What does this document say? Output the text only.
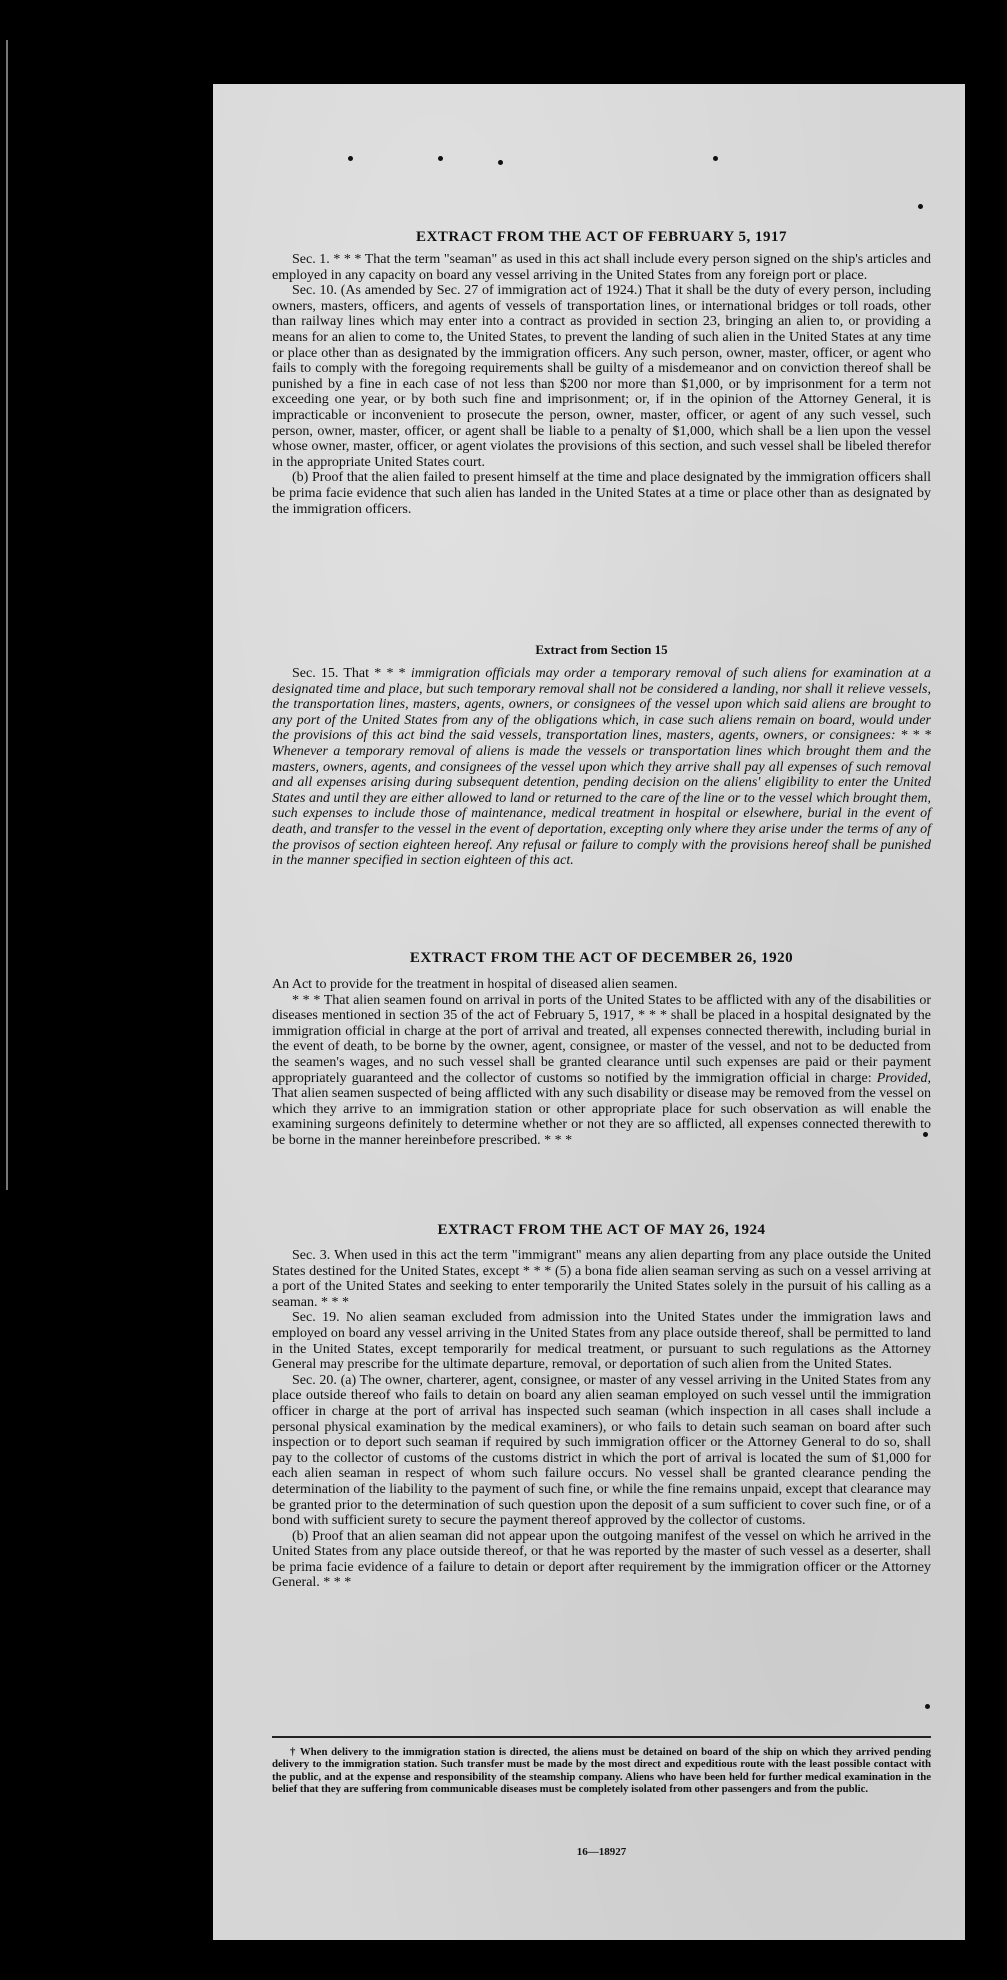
EXTRACT FROM THE ACT OF FEBRUARY 5, 1917

Sec. 1. * * * That the term "seaman" as used in this act shall include every person signed on the ship's articles and employed in any capacity on board any vessel arriving in the United States from any foreign port or place.

Sec. 10. (As amended by Sec. 27 of immigration act of 1924.) That it shall be the duty of every person, including owners, masters, officers, and agents of vessels of transportation lines, or international bridges or toll roads, other than railway lines which may enter into a contract as provided in section 23, bringing an alien to, or providing a means for an alien to come to, the United States, to prevent the landing of such alien in the United States at any time or place other than as designated by the immigration officers. Any such person, owner, master, officer, or agent who fails to comply with the foregoing requirements shall be guilty of a misdemeanor and on conviction thereof shall be punished by a fine in each case of not less than $200 nor more than $1,000, or by imprisonment for a term not exceeding one year, or by both such fine and imprisonment; or, if in the opinion of the Attorney General, it is impracticable or inconvenient to prosecute the person, owner, master, officer, or agent of any such vessel, such person, owner, master, officer, or agent shall be liable to a penalty of $1,000, which shall be a lien upon the vessel whose owner, master, officer, or agent violates the provisions of this section, and such vessel shall be libeled therefor in the appropriate United States court.

(b) Proof that the alien failed to present himself at the time and place designated by the immigration officers shall be prima facie evidence that such alien has landed in the United States at a time or place other than as designated by the immigration officers.

Extract from Section 15

Sec. 15. That * * * immigration officials may order a temporary removal of such aliens for examination at a designated time and place, but such temporary removal shall not be considered a landing, nor shall it relieve vessels, the transportation lines, masters, agents, owners, or consignees of the vessel upon which said aliens are brought to any port of the United States from any of the obligations which, in case such aliens remain on board, would under the provisions of this act bind the said vessels, transportation lines, masters, agents, owners, or consignees: * * * Whenever a temporary removal of aliens is made the vessels or transportation lines which brought them and the masters, owners, agents, and consignees of the vessel upon which they arrive shall pay all expenses of such removal and all expenses arising during subsequent detention, pending decision on the aliens' eligibility to enter the United States and until they are either allowed to land or returned to the care of the line or to the vessel which brought them, such expenses to include those of maintenance, medical treatment in hospital or elsewhere, burial in the event of death, and transfer to the vessel in the event of deportation, excepting only where they arise under the terms of any of the provisos of section eighteen hereof. Any refusal or failure to comply with the provisions hereof shall be punished in the manner specified in section eighteen of this act.

EXTRACT FROM THE ACT OF DECEMBER 26, 1920

An Act to provide for the treatment in hospital of diseased alien seamen.

* * * That alien seamen found on arrival in ports of the United States to be afflicted with any of the disabilities or diseases mentioned in section 35 of the act of February 5, 1917, * * * shall be placed in a hospital designated by the immigration official in charge at the port of arrival and treated, all expenses connected therewith, including burial in the event of death, to be borne by the owner, agent, consignee, or master of the vessel, and not to be deducted from the seamen's wages, and no such vessel shall be granted clearance until such expenses are paid or their payment appropriately guaranteed and the collector of customs so notified by the immigration official in charge: Provided, That alien seamen suspected of being afflicted with any such disability or disease may be removed from the vessel on which they arrive to an immigration station or other appropriate place for such observation as will enable the examining surgeons definitely to determine whether or not they are so afflicted, all expenses connected therewith to be borne in the manner hereinbefore prescribed. * * *

EXTRACT FROM THE ACT OF MAY 26, 1924

Sec. 3. When used in this act the term "immigrant" means any alien departing from any place outside the United States destined for the United States, except * * * (5) a bona fide alien seaman serving as such on a vessel arriving at a port of the United States and seeking to enter temporarily the United States solely in the pursuit of his calling as a seaman. * * *

Sec. 19. No alien seaman excluded from admission into the United States under the immigration laws and employed on board any vessel arriving in the United States from any place outside thereof, shall be permitted to land in the United States, except temporarily for medical treatment, or pursuant to such regulations as the Attorney General may prescribe for the ultimate departure, removal, or deportation of such alien from the United States.

Sec. 20. (a) The owner, charterer, agent, consignee, or master of any vessel arriving in the United States from any place outside thereof who fails to detain on board any alien seaman employed on such vessel until the immigration officer in charge at the port of arrival has inspected such seaman (which inspection in all cases shall include a personal physical examination by the medical examiners), or who fails to detain such seaman on board after such inspection or to deport such seaman if required by such immigration officer or the Attorney General to do so, shall pay to the collector of customs of the customs district in which the port of arrival is located the sum of $1,000 for each alien seaman in respect of whom such failure occurs. No vessel shall be granted clearance pending the determination of the liability to the payment of such fine, or while the fine remains unpaid, except that clearance may be granted prior to the determination of such question upon the deposit of a sum sufficient to cover such fine, or of a bond with sufficient surety to secure the payment thereof approved by the collector of customs.

(b) Proof that an alien seaman did not appear upon the outgoing manifest of the vessel on which he arrived in the United States from any place outside thereof, or that he was reported by the master of such vessel as a deserter, shall be prima facie evidence of a failure to detain or deport after requirement by the immigration officer or the Attorney General. * * *

† When delivery to the immigration station is directed, the aliens must be detained on board of the ship on which they arrived pending delivery to the immigration station. Such transfer must be made by the most direct and expeditious route with the least possible contact with the public, and at the expense and responsibility of the steamship company. Aliens who have been held for further medical examination in the belief that they are suffering from communicable diseases must be completely isolated from other passengers and from the public.

16—18927
